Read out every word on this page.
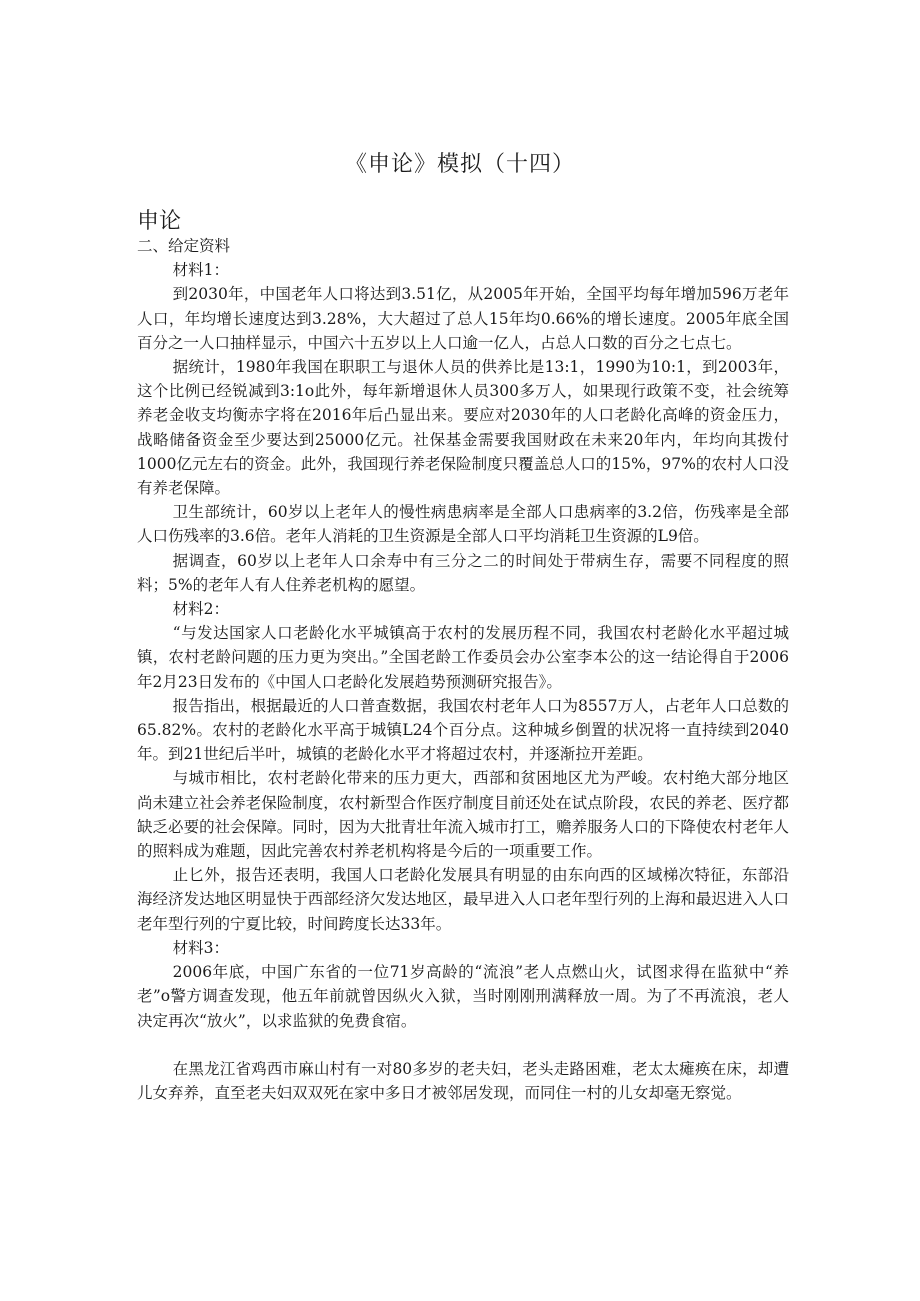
《申论》模拟（十四）
申论

二、给定资料

材料1：

到2030年，中国老年人口将达到3.51亿，从2005年开始，全国平均每年增加596万老年人口，年均增长速度达到3.28%，大大超过了总人15年均0.66%的增长速度。2005年底全国百分之一人口抽样显示，中国六十五岁以上人口逾一亿人，占总人口数的百分之七点七。

据统计，1980年我国在职职工与退休人员的供养比是13:1，1990为10:1，到2003年，这个比例已经锐减到3:1o此外，每年新增退休人员300多万人，如果现行政策不变，社会统筹养老金收支均衡赤字将在2016年后凸显出来。要应对2030年的人口老龄化高峰的资金压力，战略储备资金至少要达到25000亿元。社保基金需要我国财政在未来20年内，年均向其拨付1000亿元左右的资金。此外，我国现行养老保险制度只覆盖总人口的15%，97%的农村人口没有养老保障。

卫生部统计，60岁以上老年人的慢性病患病率是全部人口患病率的3.2倍，伤残率是全部人口伤残率的3.6倍。老年人消耗的卫生资源是全部人口平均消耗卫生资源的L9倍。

据调查，60岁以上老年人口余寿中有三分之二的时间处于带病生存，需要不同程度的照料；5%的老年人有人住养老机构的愿望。

材料2：

“与发达国家人口老龄化水平城镇高于农村的发展历程不同，我国农村老龄化水平超过城镇，农村老龄问题的压力更为突出。”全国老龄工作委员会办公室李本公的这一结论得自于2006年2月23日发布的《中国人口老龄化发展趋势预测研究报告》。

报告指出，根据最近的人口普查数据，我国农村老年人口为8557万人，占老年人口总数的65.82%。农村的老龄化水平高于城镇L24个百分点。这种城乡倒置的状况将一直持续到2040年。到21世纪后半叶，城镇的老龄化水平才将超过农村，并逐渐拉开差距。

与城市相比，农村老龄化带来的压力更大，西部和贫困地区尤为严峻。农村绝大部分地区尚未建立社会养老保险制度，农村新型合作医疗制度目前还处在试点阶段，农民的养老、医疗都缺乏必要的社会保障。同时，因为大批青壮年流入城市打工，赡养服务人口的下降使农村老年人的照料成为难题，因此完善农村养老机构将是今后的一项重要工作。

止匕外，报告还表明，我国人口老龄化发展具有明显的由东向西的区域梯次特征，东部沿海经济发达地区明显快于西部经济欠发达地区，最早进入人口老年型行列的上海和最迟进入人口老年型行列的宁夏比较，时间跨度长达33年。

材料3：

2006年底，中国广东省的一位71岁高龄的“流浪”老人点燃山火，试图求得在监狱中“养老”o警方调查发现，他五年前就曾因纵火入狱，当时刚刚刑满释放一周。为了不再流浪，老人决定再次“放火”，以求监狱的免费食宿。

在黑龙江省鸡西市麻山村有一对80多岁的老夫妇，老头走路困难，老太太瘫痪在床，却遭儿女弃养，直至老夫妇双双死在家中多日才被邻居发现，而同住一村的儿女却毫无察觉。
